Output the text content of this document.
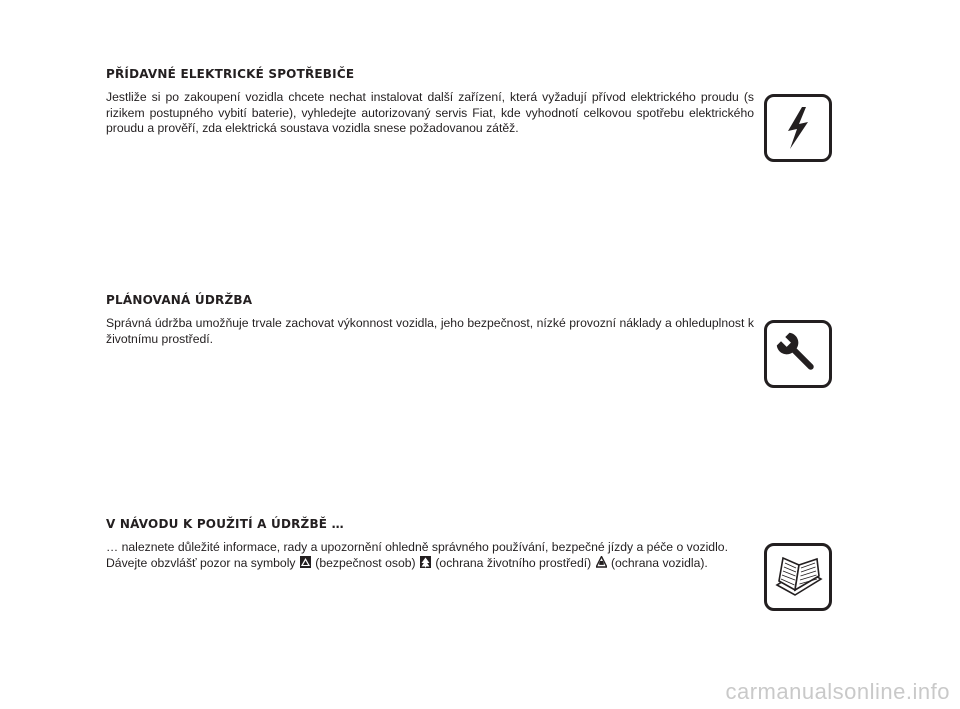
PŘÍDAVNÉ ELEKTRICKÉ SPOTŘEBIČE

Jestliže si po zakoupení vozidla chcete nechat instalovat další zařízení, která vyžadují přívod elektrického proudu (s rizikem postupného vybití baterie), vyhledejte autorizovaný servis Fiat, kde vyhodnotí celkovou spotřebu elektrického proudu a prověří, zda elektrická soustava vozidla snese požadovanou zátěž.

PLÁNOVANÁ ÚDRŽBA

Správná údržba umožňuje trvale zachovat výkonnost vozidla, jeho bezpečnost, nízké provozní náklady a ohleduplnost k životnímu prostředí.

V NÁVODU K POUŽITÍ A ÚDRŽBĚ …

… naleznete důležité informace, rady a upozornění ohledně správného používání, bezpečné jízdy a péče o vozidlo.
Dávejte obzvlášť pozor na symboly (bezpečnost osob) (ochrana životního prostředí) (ochrana vozidla).

carmanualsonline.info
